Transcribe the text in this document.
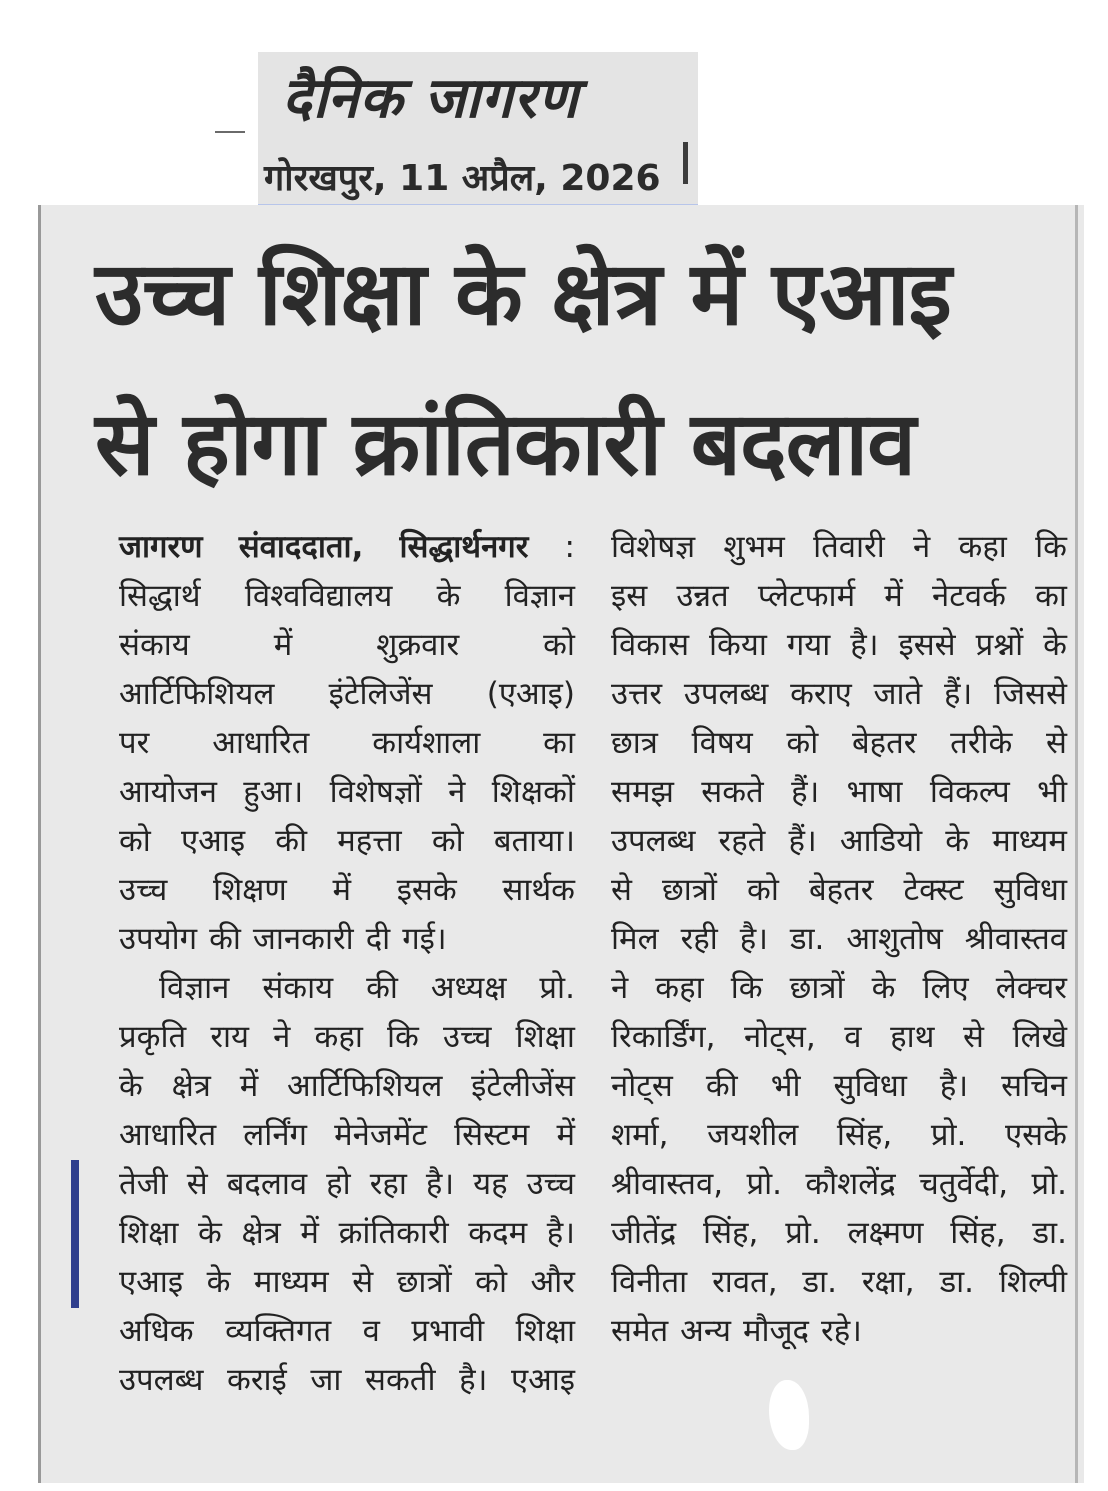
दैनिक जागरण
गोरखपुर, 11 अप्रैल, 2026
उच्च शिक्षा के क्षेत्र में एआइ
से होगा क्रांतिकारी बदलाव
जागरण संवाददाता, सिद्धार्थनगर :
सिद्धार्थ विश्वविद्यालय के विज्ञान
संकाय	में	शुक्रवार	को
आर्टिफिशियल इंटेलिजेंस (एआइ)
पर आधारित कार्यशाला का
आयोजन हुआ। विशेषज्ञों ने शिक्षकों
को एआइ की महत्ता को बताया।
उच्च शिक्षण में इसके सार्थक
उपयोग की जानकारी दी गई।
विज्ञान संकाय की अध्यक्ष प्रो.
प्रकृति राय ने कहा कि उच्च शिक्षा
के क्षेत्र में आर्टिफिशियल इंटेलीजेंस
आधारित लर्निंग मेनेजमेंट सिस्टम में
तेजी से बदलाव हो रहा है। यह उच्च
शिक्षा के क्षेत्र में क्रांतिकारी कदम है।
एआइ के माध्यम से छात्रों को और
अधिक व्यक्तिगत व प्रभावी शिक्षा
उपलब्ध कराई जा सकती है। एआइ
विशेषज्ञ शुभम तिवारी ने कहा कि
इस उन्नत प्लेटफार्म में नेटवर्क का
विकास किया गया है। इससे प्रश्नों के
उत्तर उपलब्ध कराए जाते हैं। जिससे
छात्र विषय को बेहतर तरीके से
समझ सकते हैं। भाषा विकल्प भी
उपलब्ध रहते हैं। आडियो के माध्यम
से छात्रों को बेहतर टेक्स्ट सुविधा
मिल रही है। डा. आशुतोष श्रीवास्तव
ने कहा कि छात्रों के लिए लेक्चर
रिकार्डिंग, नोट्स, व हाथ से लिखे
नोट्स की भी सुविधा है। सचिन
शर्मा, जयशील सिंह, प्रो. एसके
श्रीवास्तव, प्रो. कौशलेंद्र चतुर्वेदी, प्रो.
जीतेंद्र सिंह, प्रो. लक्ष्मण सिंह, डा.
विनीता रावत, डा. रक्षा, डा. शिल्पी
समेत अन्य मौजूद रहे।
